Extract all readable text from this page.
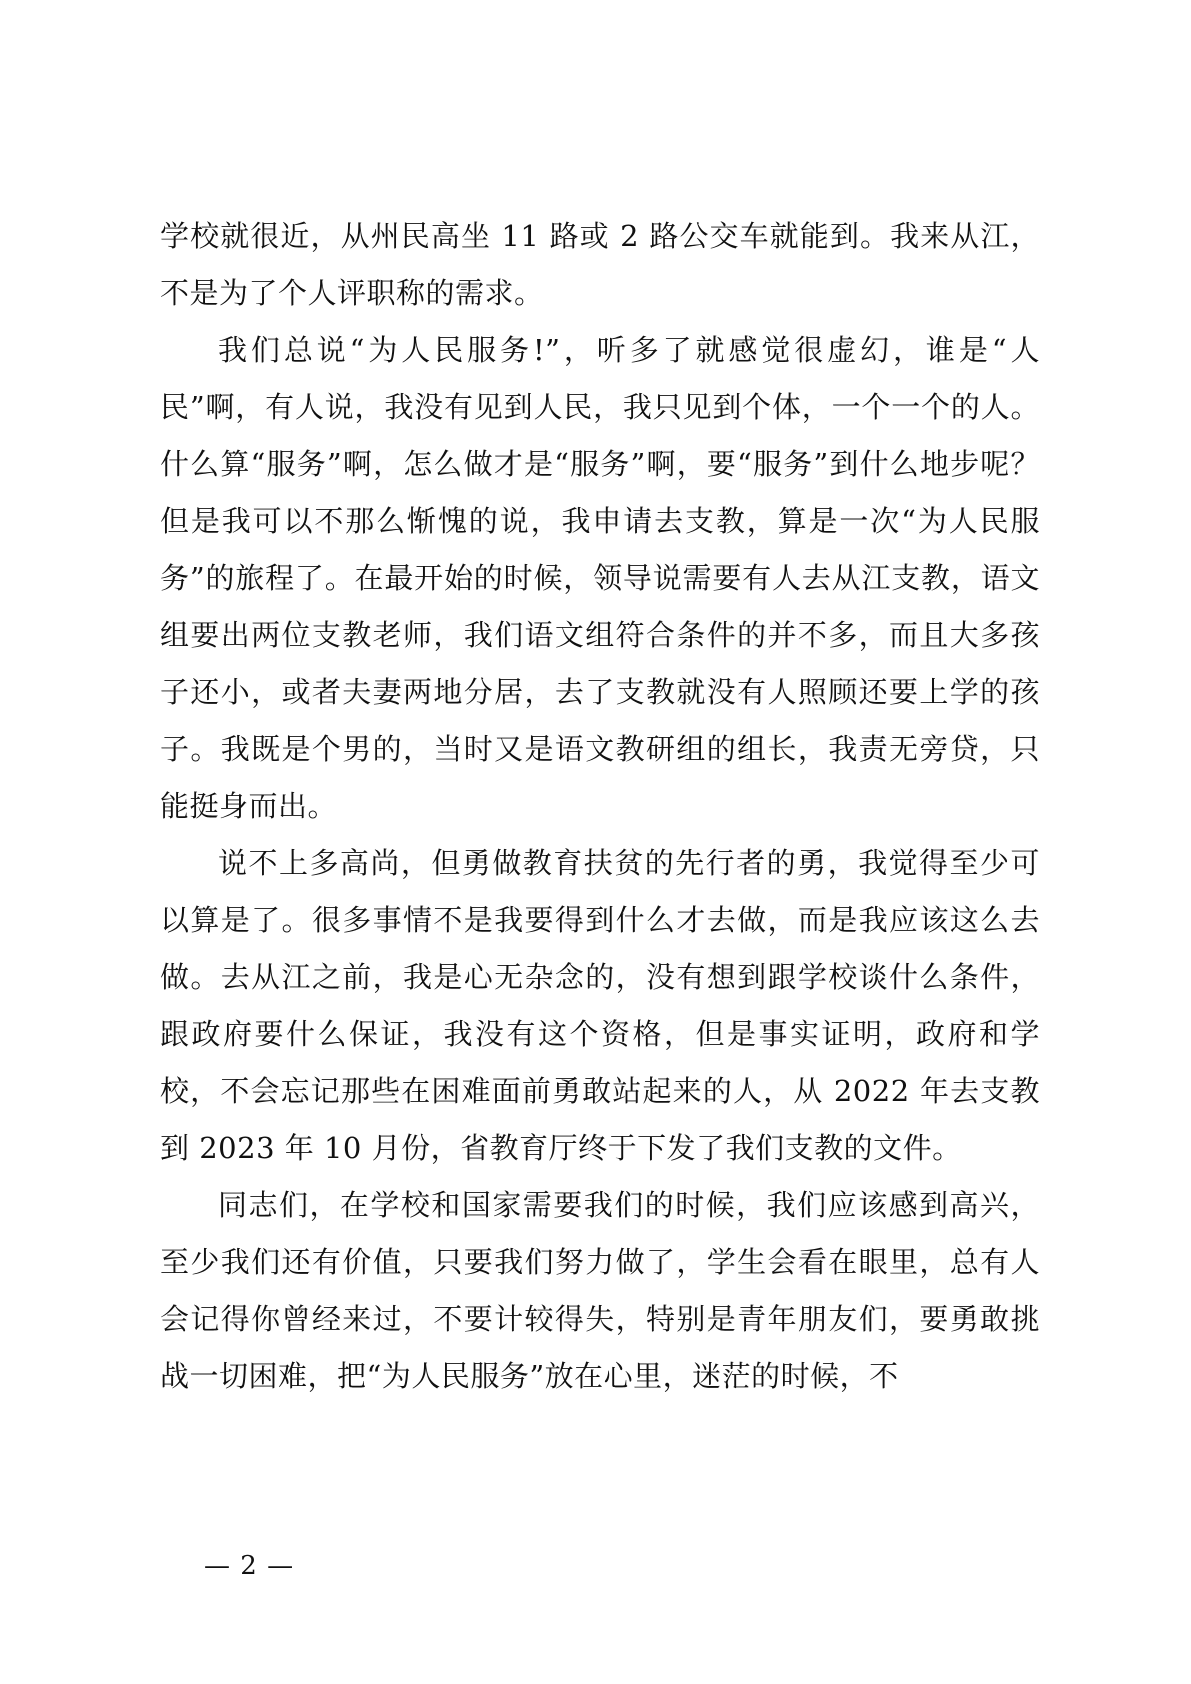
学校就很近，从州民高坐 11 路或 2 路公交车就能到。我来从江，不是为了个人评职称的需求。

我们总说“为人民服务!”，听多了就感觉很虚幻，谁是“人民”啊，有人说，我没有见到人民，我只见到个体，一个一个的人。什么算“服务”啊，怎么做才是“服务”啊，要“服务”到什么地步呢？但是我可以不那么惭愧的说，我申请去支教，算是一次“为人民服务”的旅程了。在最开始的时候，领导说需要有人去从江支教，语文组要出两位支教老师，我们语文组符合条件的并不多，而且大多孩子还小，或者夫妻两地分居，去了支教就没有人照顾还要上学的孩子。我既是个男的，当时又是语文教研组的组长，我责无旁贷，只能挺身而出。

说不上多高尚，但勇做教育扶贫的先行者的勇，我觉得至少可以算是了。很多事情不是我要得到什么才去做，而是我应该这么去做。去从江之前，我是心无杂念的，没有想到跟学校谈什么条件，跟政府要什么保证，我没有这个资格，但是事实证明，政府和学校，不会忘记那些在困难面前勇敢站起来的人，从 2022 年去支教到 2023 年 10 月份，省教育厅终于下发了我们支教的文件。

同志们，在学校和国家需要我们的时候，我们应该感到高兴，至少我们还有价值，只要我们努力做了，学生会看在眼里，总有人会记得你曾经来过，不要计较得失，特别是青年朋友们，要勇敢挑战一切困难，把“为人民服务”放在心里，迷茫的时候，不

— 2 —
